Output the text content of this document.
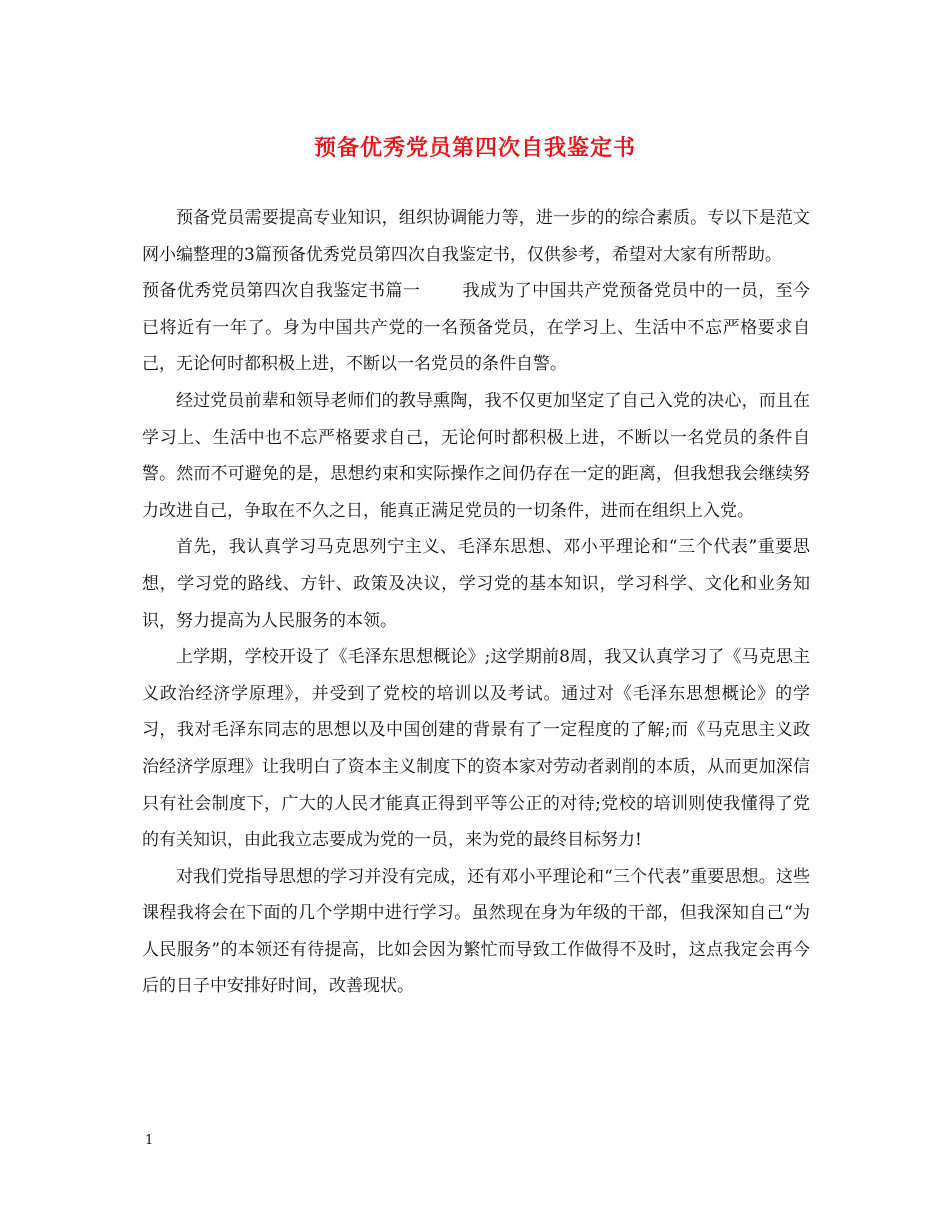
预备优秀党员第四次自我鉴定书

预备党员需要提高专业知识，组织协调能力等，进一步的的综合素质。专以下是范文网小编整理的3篇预备优秀党员第四次自我鉴定书，仅供参考，希望对大家有所帮助。

预备优秀党员第四次自我鉴定书篇一 我成为了中国共产党预备党员中的一员，至今已将近有一年了。身为中国共产党的一名预备党员，在学习上、生活中不忘严格要求自己，无论何时都积极上进，不断以一名党员的条件自警。

经过党员前辈和领导老师们的教导熏陶，我不仅更加坚定了自己入党的决心，而且在学习上、生活中也不忘严格要求自己，无论何时都积极上进，不断以一名党员的条件自警。然而不可避免的是，思想约束和实际操作之间仍存在一定的距离，但我想我会继续努力改进自己，争取在不久之日，能真正满足党员的一切条件，进而在组织上入党。

首先，我认真学习马克思列宁主义、毛泽东思想、邓小平理论和“三个代表”重要思想，学习党的路线、方针、政策及决议，学习党的基本知识，学习科学、文化和业务知识，努力提高为人民服务的本领。

上学期，学校开设了《毛泽东思想概论》;这学期前8周，我又认真学习了《马克思主义政治经济学原理》，并受到了党校的培训以及考试。通过对《毛泽东思想概论》的学习，我对毛泽东同志的思想以及中国创建的背景有了一定程度的了解;而《马克思主义政治经济学原理》让我明白了资本主义制度下的资本家对劳动者剥削的本质，从而更加深信只有社会制度下，广大的人民才能真正得到平等公正的对待;党校的培训则使我懂得了党的有关知识，由此我立志要成为党的一员，来为党的最终目标努力!

对我们党指导思想的学习并没有完成，还有邓小平理论和“三个代表”重要思想。这些课程我将会在下面的几个学期中进行学习。虽然现在身为年级的干部，但我深知自己“为人民服务”的本领还有待提高，比如会因为繁忙而导致工作做得不及时，这点我定会再今后的日子中安排好时间，改善现状。

1
